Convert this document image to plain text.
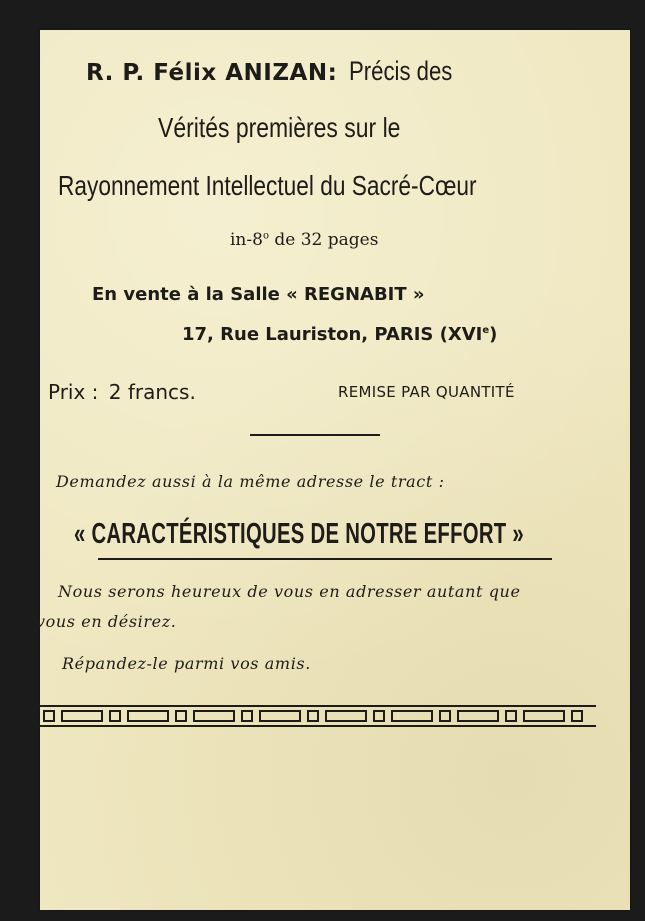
R. P. Félix ANIZAN: Précis des
Vérités premières sur le
Rayonnement Intellectuel du Sacré-Cœur
in-8$^o$ de 32 pages
En vente à la Salle « REGNABIT »
17, Rue Lauriston, PARIS (XVIe)
Prix : 2 francs.	REMISE PAR QUANTITÉ
Demandez aussi à la même adresse le tract :
« CARACTÉRISTIQUES DE NOTRE EFFORT »
Nous serons heureux de vous en adresser autant que
vous en désirez.
Répandez-le parmi vos amis.
